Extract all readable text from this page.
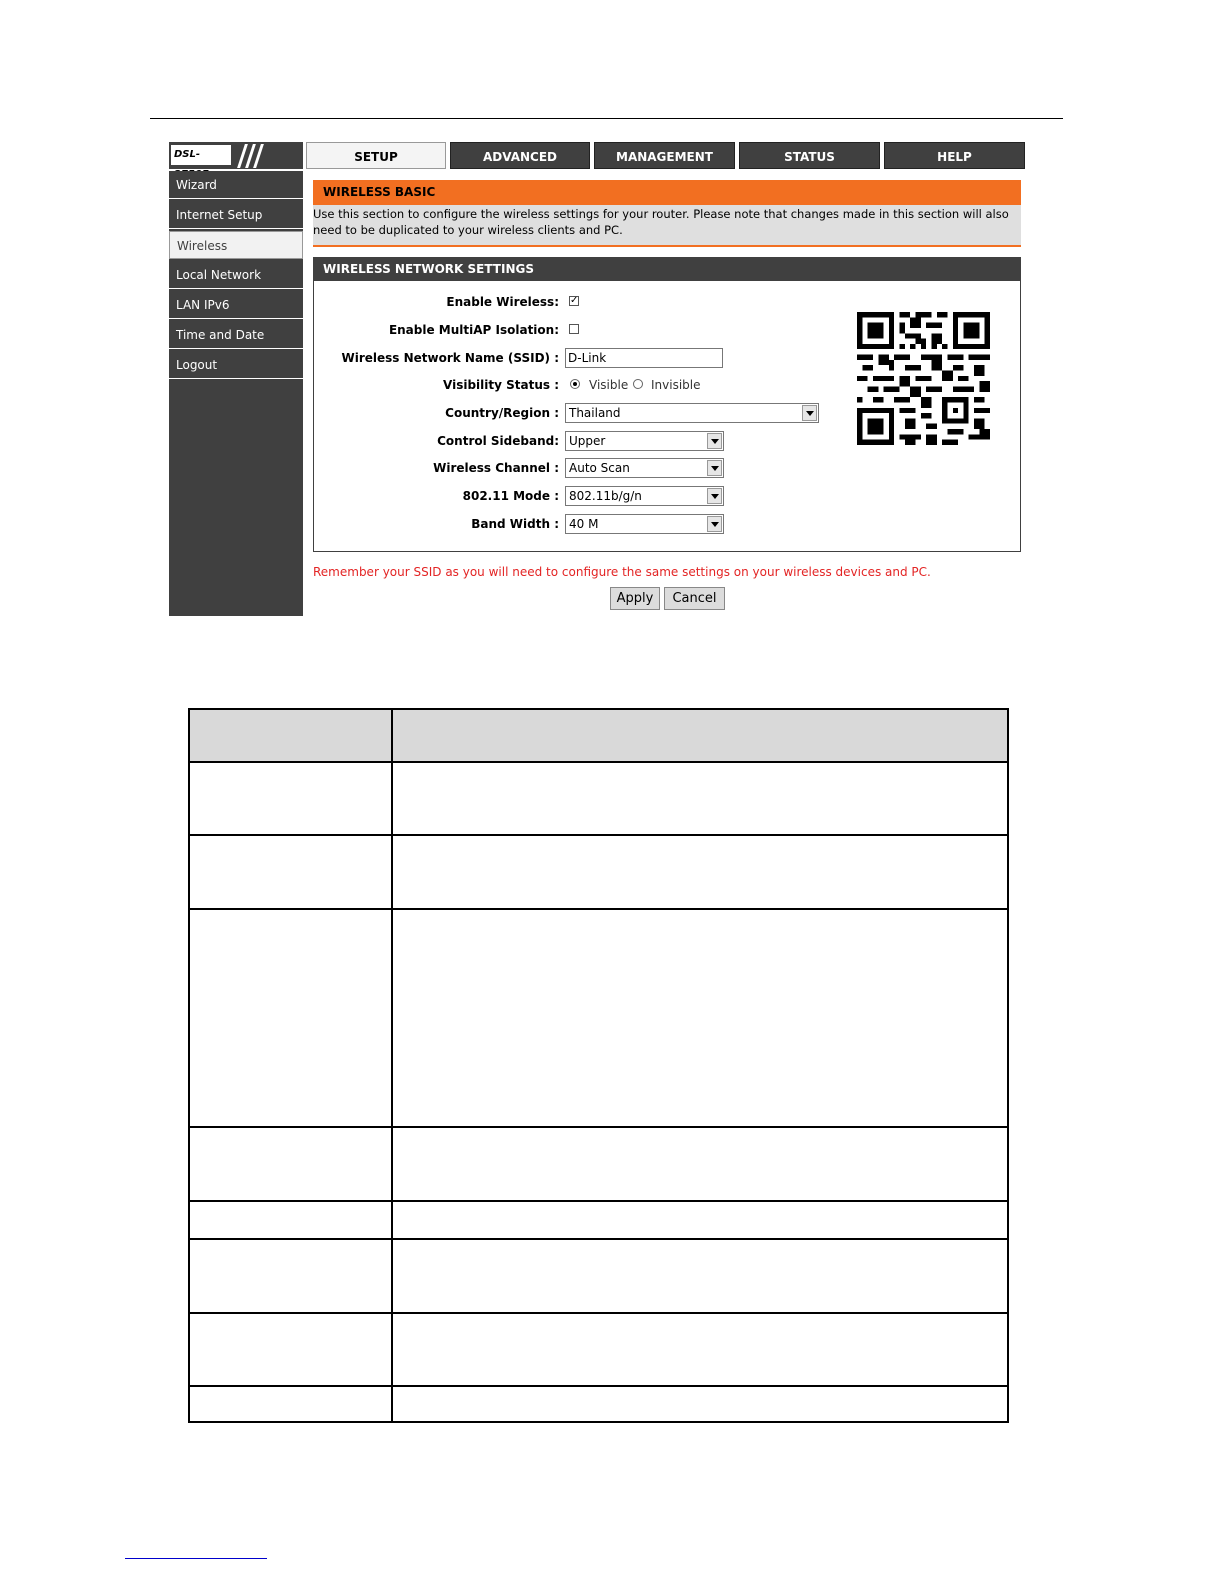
DSL-	SETUP	ADVANCED	MANAGEMENT	STATUS	HELP
Wizard
Internet Setup
Wireless
Local Network
LAN IPv6
Time and Date
Logout
WIRELESS BASIC
Use this section to configure the wireless settings for your router. Please note that changes made in this section will also
need to be duplicated to your wireless clients and PC.
WIRELESS NETWORK SETTINGS
Enable Wireless: ✓
Enable MultiAP Isolation:
Wireless Network Name (SSID) :
D-Link
Visibility Status :	Visible Invisible
Country/Region : Thailand
Control Sideband: Upper
Wireless Channel : Auto Scan
802.11 Mode : 802.11b/g/n
Band Width : 40 M
Remember your SSID as you will need to configure the same settings on your wireless devices and PC.
Apply	Cancel
